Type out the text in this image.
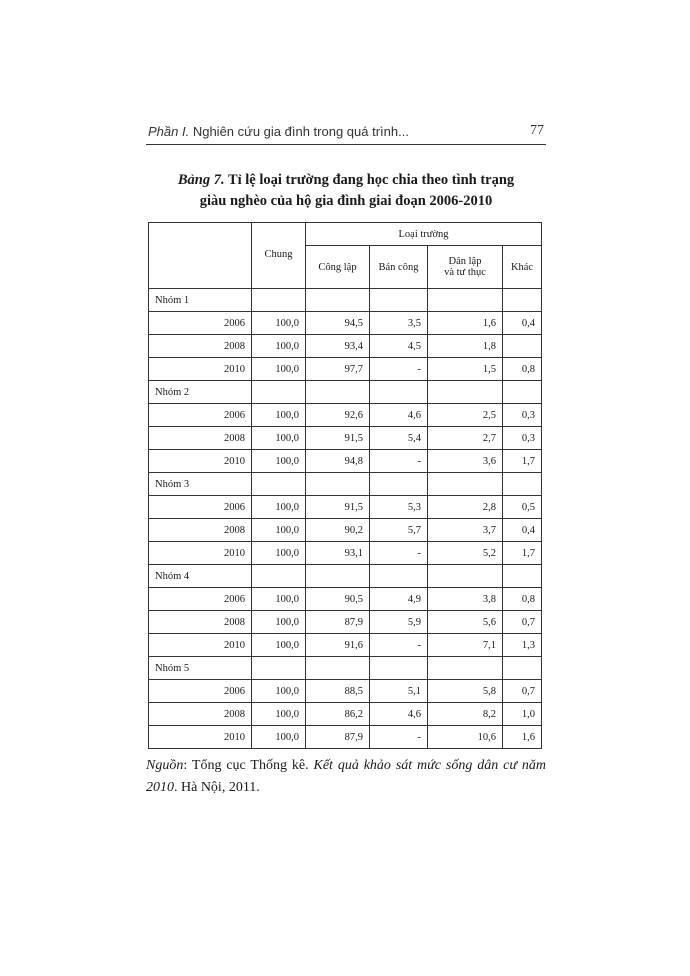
Phần I. Nghiên cứu gia đình trong quá trình...	77
Bảng 7. Tỉ lệ loại trường đang học chia theo tình trạng
giàu nghèo của hộ gia đình giai đoạn 2006-2010
	Chung	Loại trường			
		Công lập	Bán công	Dân lập
và tư thục	Khác
Nhóm 1					
2006	100,0	94,5	3,5	1,6	0,4
2008	100,0	93,4	4,5	1,8	
2010	100,0	97,7	-	1,5	0,8
Nhóm 2					
2006	100,0	92,6	4,6	2,5	0,3
2008	100,0	91,5	5,4	2,7	0,3
2010	100,0	94,8	-	3,6	1,7
Nhóm 3					
2006	100,0	91,5	5,3	2,8	0,5
2008	100,0	90,2	5,7	3,7	0,4
2010	100,0	93,1	-	5,2	1,7
Nhóm 4					
2006	100,0	90,5	4,9	3,8	0,8
2008	100,0	87,9	5,9	5,6	0,7
2010	100,0	91,6	-	7,1	1,3
Nhóm 5					
2006	100,0	88,5	5,1	5,8	0,7
2008	100,0	86,2	4,6	8,2	1,0
2010	100,0	87,9	-	10,6	1,6
Nguồn: Tổng cục Thống kê. Kết quả khảo sát mức sống dân cư năm 2010. Hà Nội, 2011.
